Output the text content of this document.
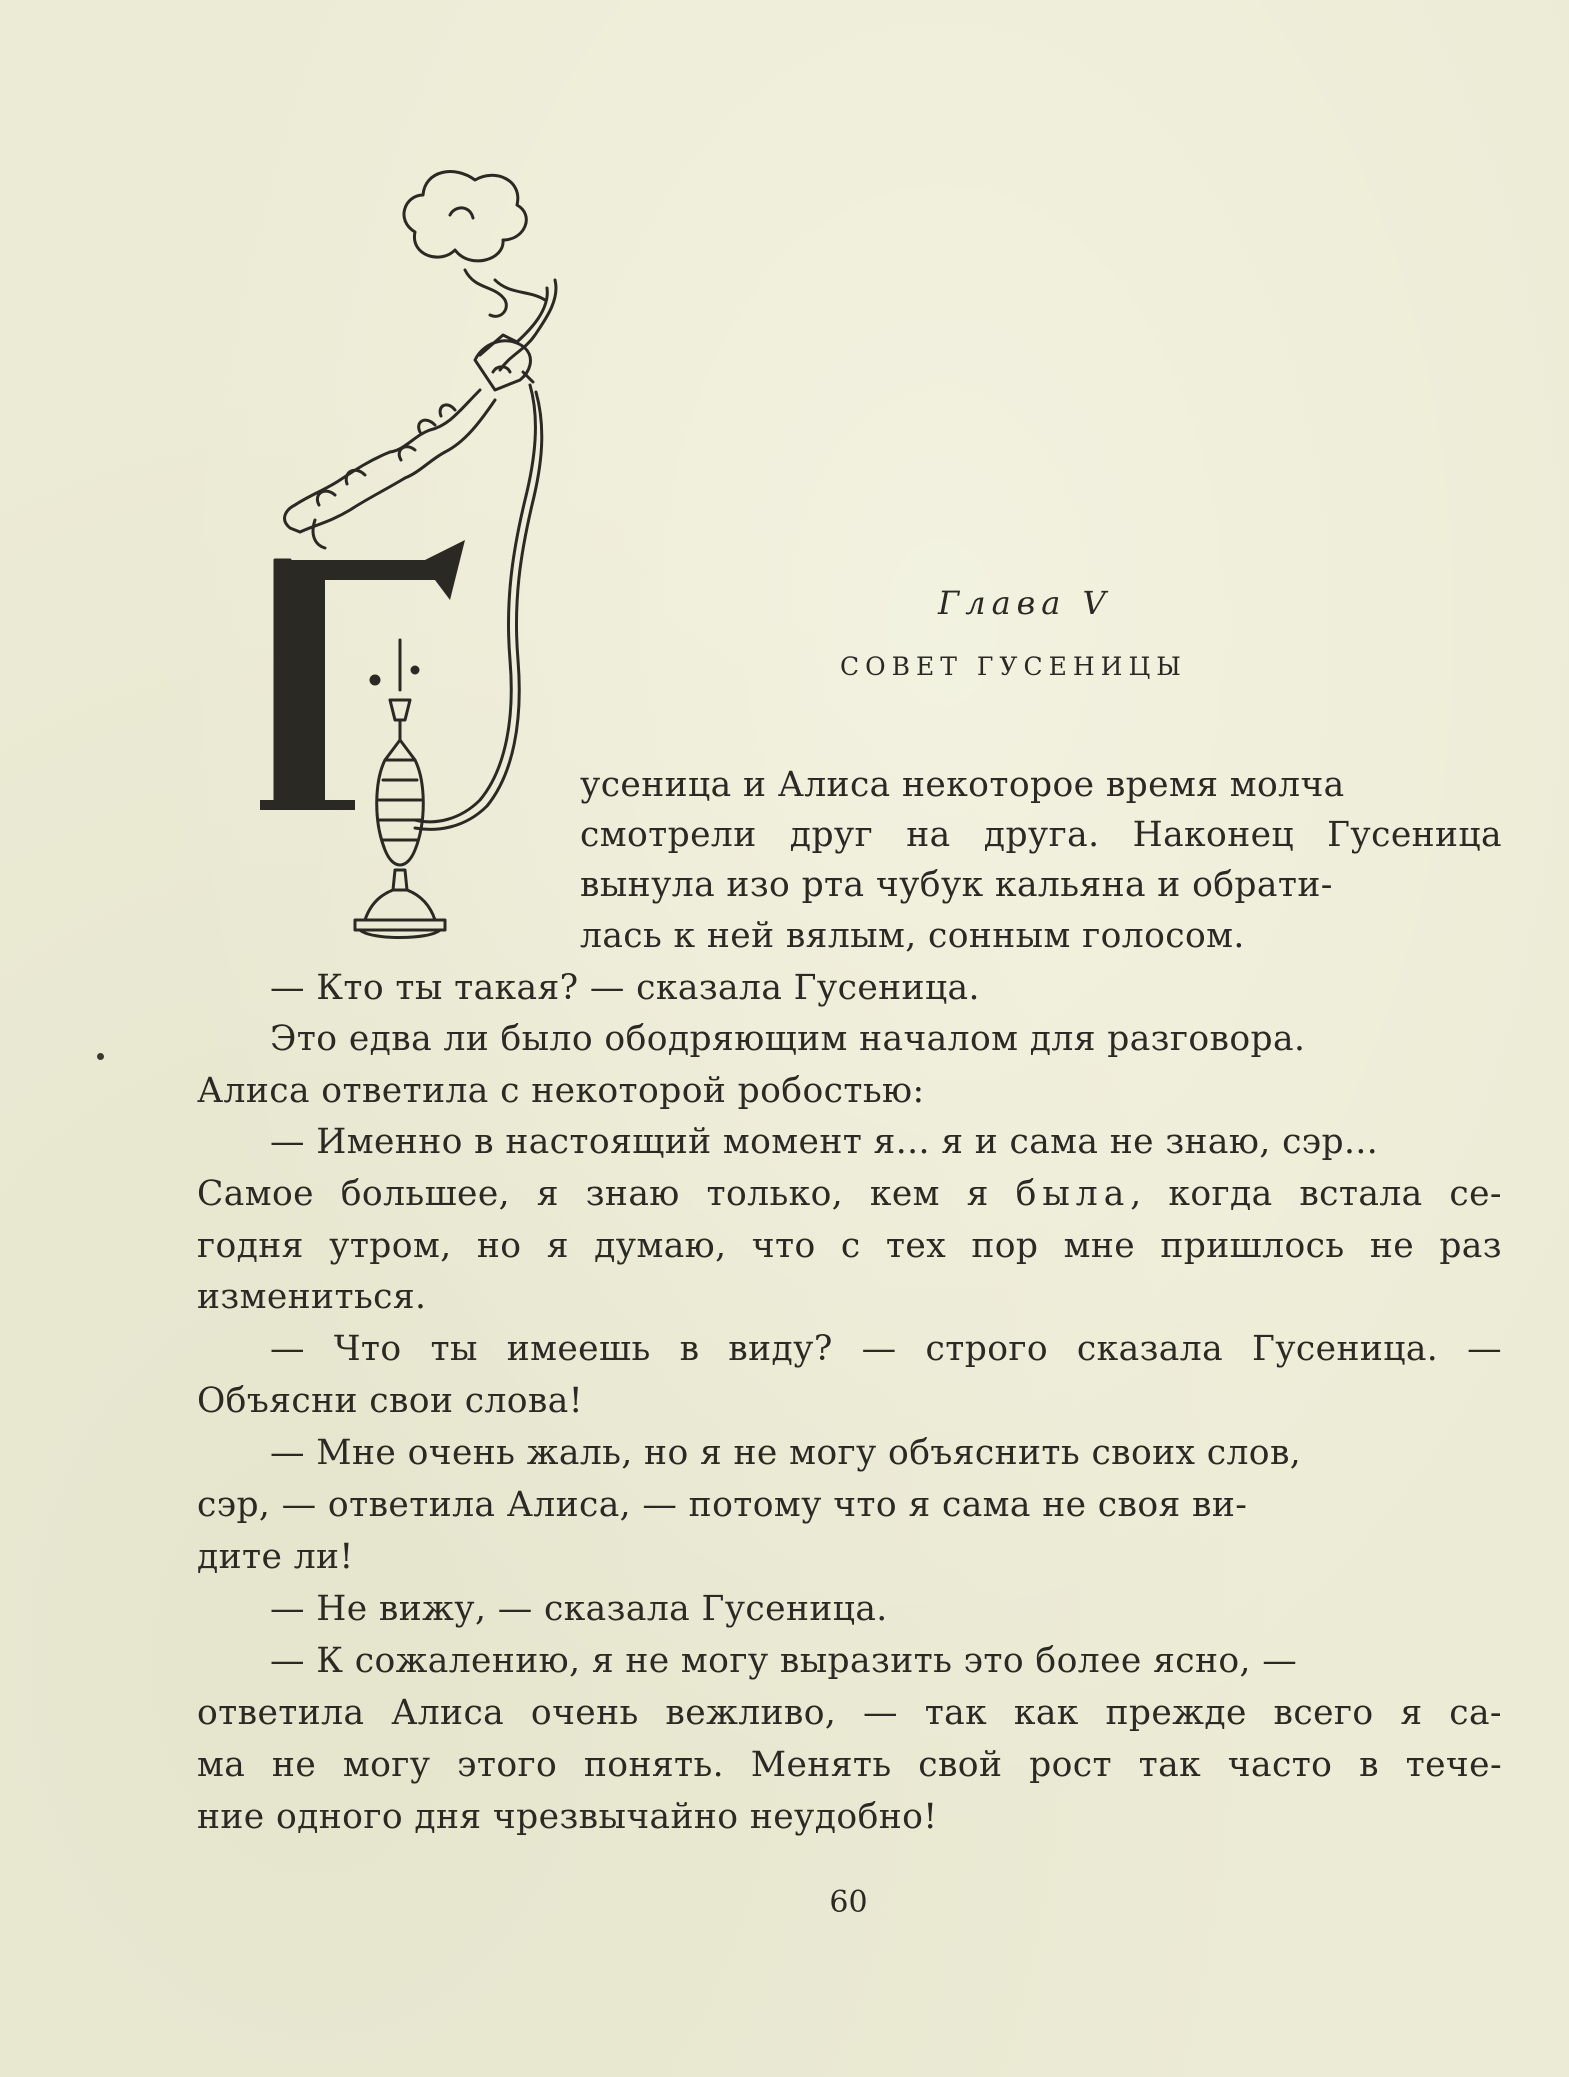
Глава V
СОВЕТ ГУСЕНИЦЫ
усеница и Алиса некоторое время молча
смотрели друг на друга. Наконец Гусеница
вынула изо рта чубук кальяна и обрати-
лась к ней вялым, сонным голосом.
— Кто ты такая? — сказала Гусеница.
Это едва ли было ободряющим началом для разговора.
Алиса ответила с некоторой робостью:
— Именно в настоящий момент я... я и сама не знаю, сэр...
Самое большее, я знаю только, кем я была, когда встала се-
годня утром, но я думаю, что с тех пор мне пришлось не раз
измениться.
— Что ты имеешь в виду? — строго сказала Гусеница. —
Объясни свои слова!
— Мне очень жаль, но я не могу объяснить своих слов,
сэр, — ответила Алиса, — потому что я сама не своя ви-
дите ли!
— Не вижу, — сказала Гусеница.
— К сожалению, я не могу выразить это более ясно, —
ответила Алиса очень вежливо, — так как прежде всего я са-
ма не могу этого понять. Менять свой рост так часто в тече-
ние одного дня чрезвычайно неудобно!
60
